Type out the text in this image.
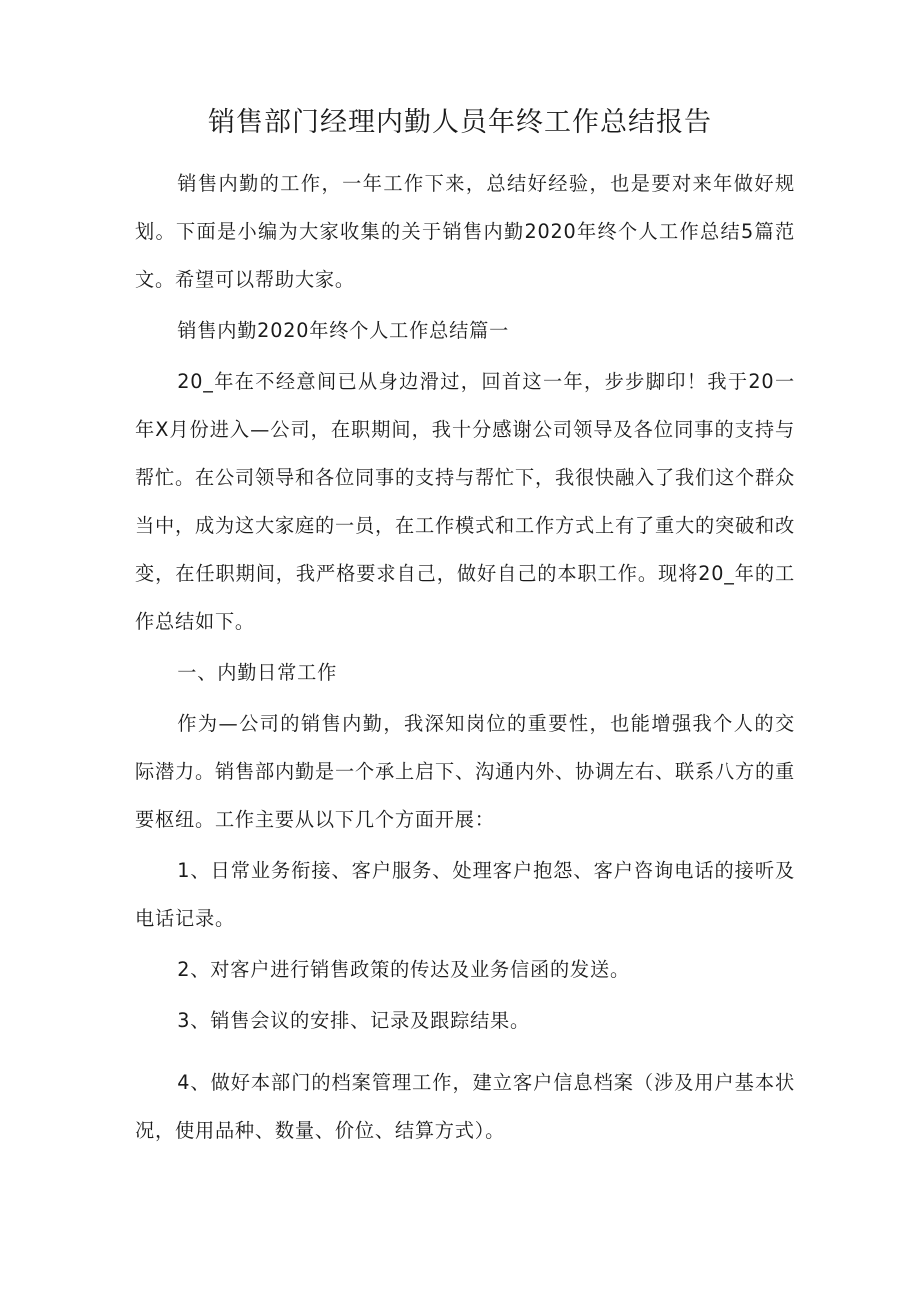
销售部门经理内勤人员年终工作总结报告

销售内勤的工作，一年工作下来，总结好经验，也是要对来年做好规划。下面是小编为大家收集的关于销售内勤2020年终个人工作总结5篇范文。希望可以帮助大家。

销售内勤2020年终个人工作总结篇一

20_年在不经意间已从身边滑过，回首这一年，步步脚印！我于20一年X月份进入—公司，在职期间，我十分感谢公司领导及各位同事的支持与帮忙。在公司领导和各位同事的支持与帮忙下，我很快融入了我们这个群众当中，成为这大家庭的一员，在工作模式和工作方式上有了重大的突破和改变，在任职期间，我严格要求自己，做好自己的本职工作。现将20_年的工作总结如下。

一、内勤日常工作

作为—公司的销售内勤，我深知岗位的重要性，也能增强我个人的交际潜力。销售部内勤是一个承上启下、沟通内外、协调左右、联系八方的重要枢纽。工作主要从以下几个方面开展：

1、日常业务衔接、客户服务、处理客户抱怨、客户咨询电话的接听及电话记录。

2、对客户进行销售政策的传达及业务信函的发送。

3、销售会议的安排、记录及跟踪结果。

4、做好本部门的档案管理工作，建立客户信息档案（涉及用户基本状况，使用品种、数量、价位、结算方式）。
